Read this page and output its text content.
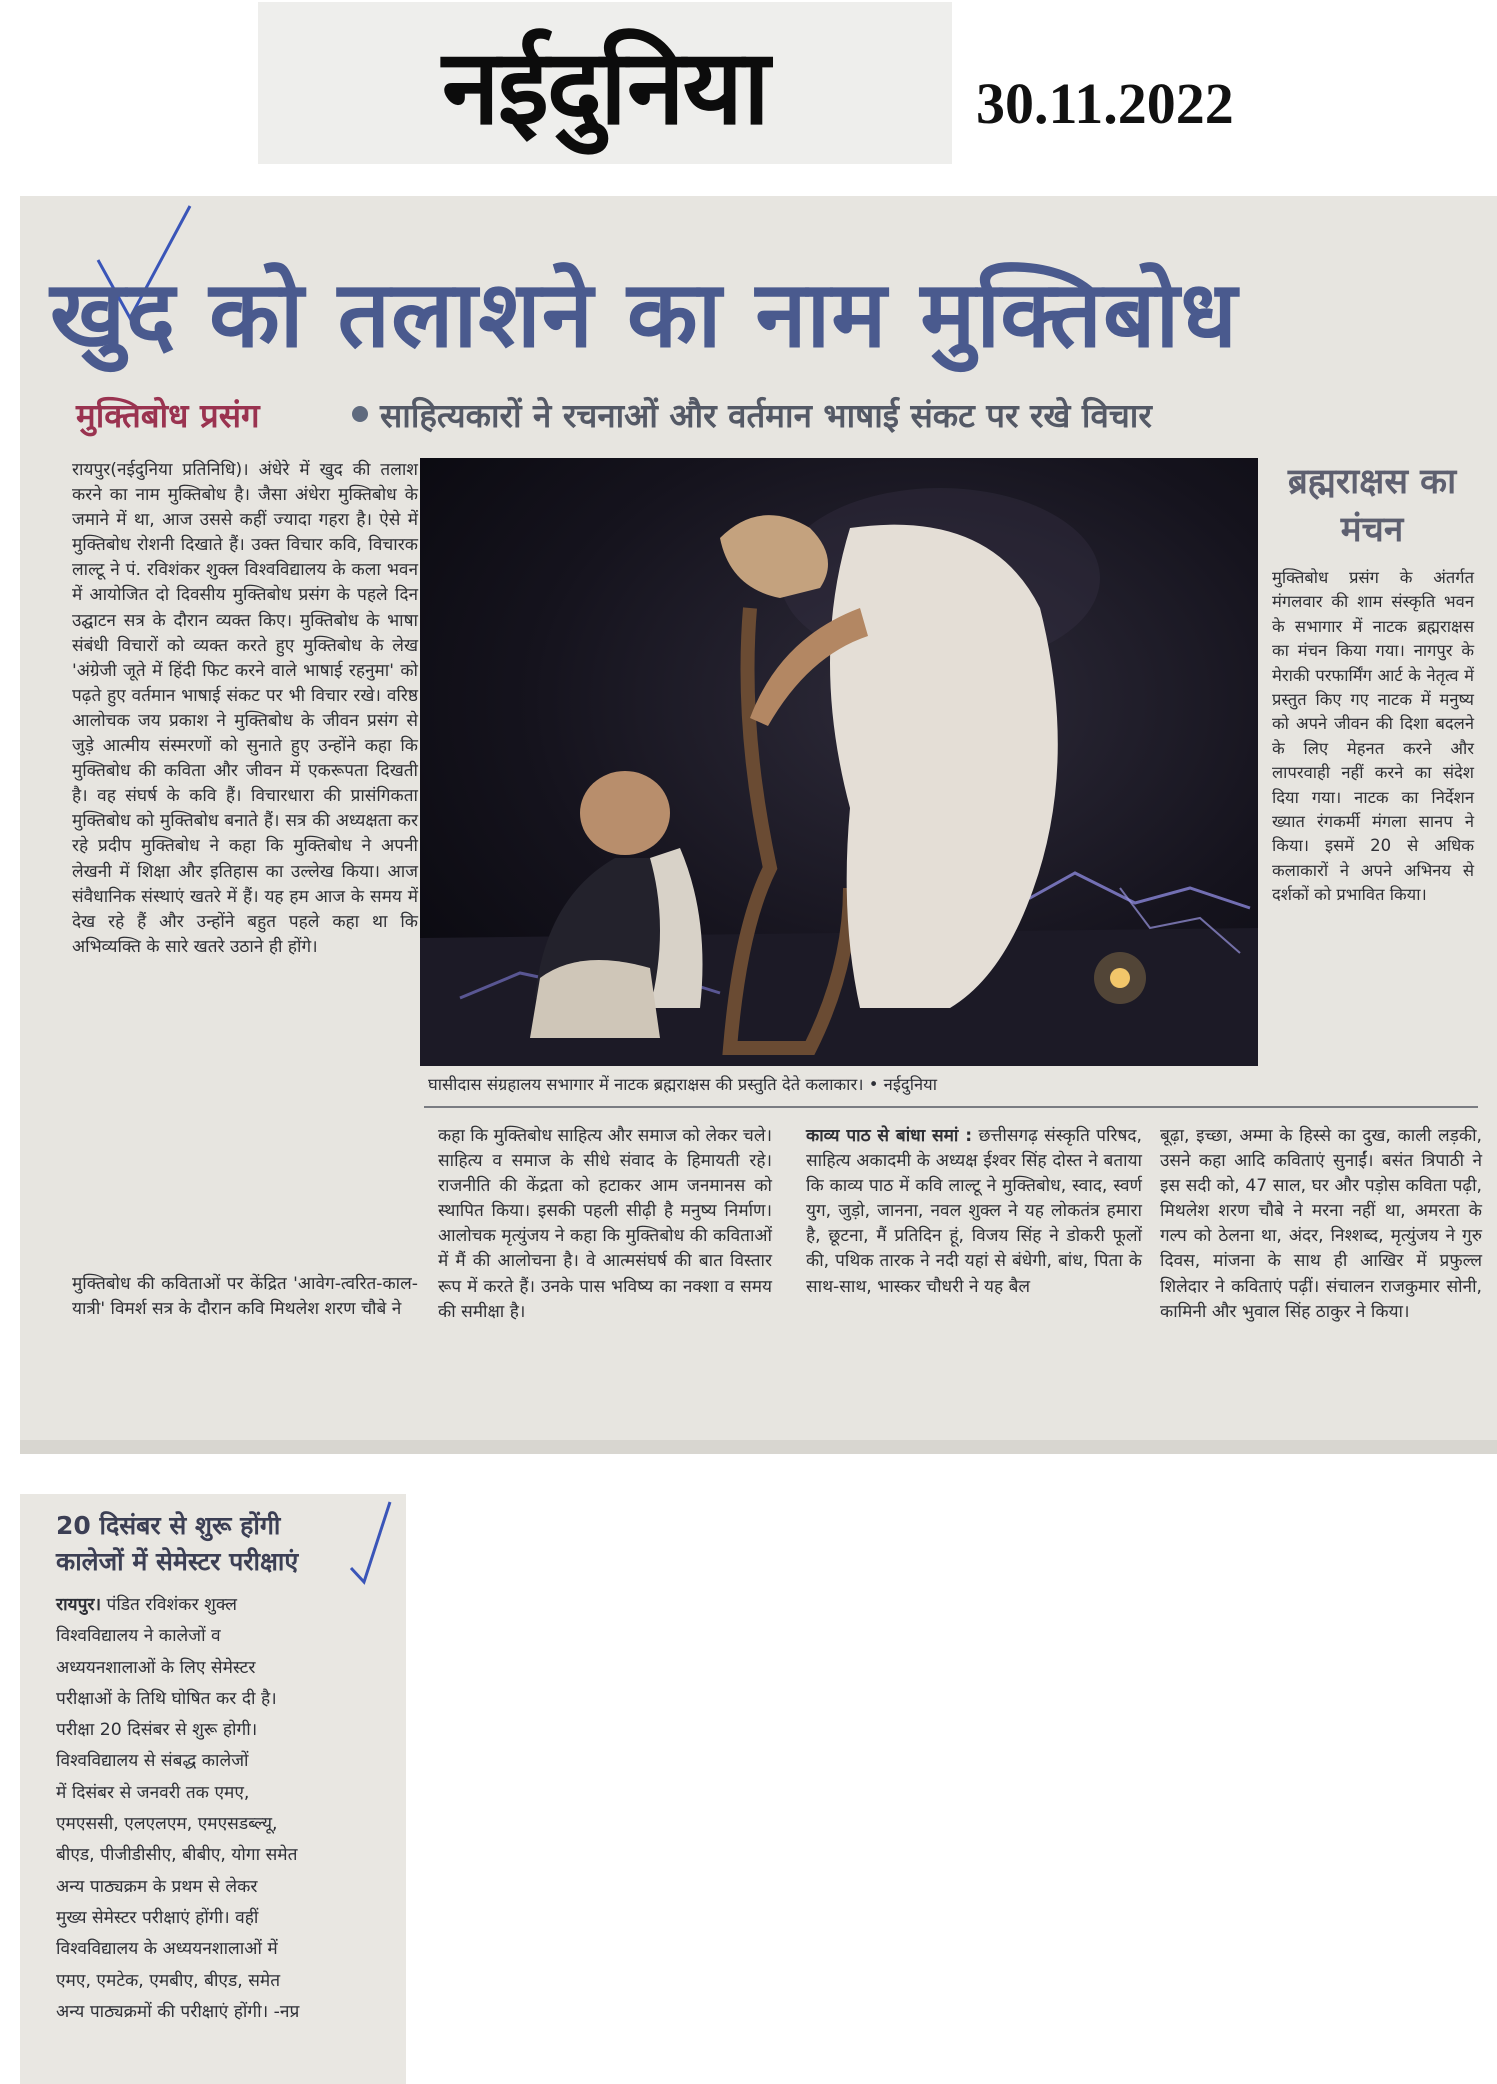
नईदुनिया	30.11.2022
खुद को तलाशने का नाम मुक्तिबोध
मुक्तिबोध प्रसंग	साहित्यकारों ने रचनाओं और वर्तमान भाषाई संकट पर रखे विचार

रायपुर(नईदुनिया प्रतिनिधि)। अंधेरे में खुद की तलाश करने का नाम मुक्तिबोध है। जैसा अंधेरा मुक्तिबोध के जमाने में था, आज उससे कहीं ज्यादा गहरा है। ऐसे में मुक्तिबोध रोशनी दिखाते हैं। उक्त विचार कवि, विचारक लाल्टू ने पं. रविशंकर शुक्ल विश्वविद्यालय के कला भवन में आयोजित दो दिवसीय मुक्तिबोध प्रसंग के पहले दिन उद्घाटन सत्र के दौरान व्यक्त किए। मुक्तिबोध के भाषा संबंधी विचारों को व्यक्त करते हुए मुक्तिबोध के लेख 'अंग्रेजी जूते में हिंदी फिट करने वाले भाषाई रहनुमा' को पढ़ते हुए वर्तमान भाषाई संकट पर भी विचार रखे। वरिष्ठ आलोचक जय प्रकाश ने मुक्तिबोध के जीवन प्रसंग से जुड़े आत्मीय संस्मरणों को सुनाते हुए उन्होंने कहा कि मुक्तिबोध की कविता और जीवन में एकरूपता दिखती है। वह संघर्ष के कवि हैं। विचारधारा की प्रासंगिकता मुक्तिबोध को मुक्तिबोध बनाते हैं। सत्र की अध्यक्षता कर रहे प्रदीप मुक्तिबोध ने कहा कि मुक्तिबोध ने अपनी लेखनी में शिक्षा और इतिहास का उल्लेख किया। आज संवैधानिक संस्थाएं खतरे में हैं। यह हम आज के समय में देख रहे हैं और उन्होंने बहुत पहले कहा था कि अभिव्यक्ति के सारे खतरे उठाने ही होंगे।

मुक्तिबोध की कविताओं पर केंद्रित 'आवेग-त्वरित-काल-यात्री' विमर्श सत्र के दौरान कवि मिथलेश शरण चौबे ने

घासीदास संग्रहालय सभागार में नाटक ब्रह्मराक्षस की प्रस्तुति देते कलाकार। • नईदुनिया
ब्रह्मराक्षस का मंचन

मुक्तिबोध प्रसंग के अंतर्गत मंगलवार की शाम संस्कृति भवन के सभागार में नाटक ब्रह्मराक्षस का मंचन किया गया। नागपुर के मेराकी परफार्मिंग आर्ट के नेतृत्व में प्रस्तुत किए गए नाटक में मनुष्य को अपने जीवन की दिशा बदलने के लिए मेहनत करने और लापरवाही नहीं करने का संदेश दिया गया। नाटक का निर्देशन ख्यात रंगकर्मी मंगला सानप ने किया। इसमें 20 से अधिक कलाकारों ने अपने अभिनय से दर्शकों को प्रभावित किया।

कहा कि मुक्तिबोध साहित्य और समाज को लेकर चले। साहित्य व समाज के सीधे संवाद के हिमायती रहे। राजनीति की केंद्रता को हटाकर आम जनमानस को स्थापित किया। इसकी पहली सीढ़ी है मनुष्य निर्माण। आलोचक मृत्युंजय ने कहा कि मुक्तिबोध की कविताओं में मैं की आलोचना है। वे आत्मसंघर्ष की बात विस्तार रूप में करते हैं। उनके पास भविष्य का नक्शा व समय की समीक्षा है।

काव्य पाठ से बांधा समां : छत्तीसगढ़ संस्कृति परिषद, साहित्य अकादमी के अध्यक्ष ईश्वर सिंह दोस्त ने बताया कि काव्य पाठ में कवि लाल्टू ने मुक्तिबोध, स्वाद, स्वर्ण युग, जुड़ो, जानना, नवल शुक्ल ने यह लोकतंत्र हमारा है, छूटना, मैं प्रतिदिन हूं, विजय सिंह ने डोकरी फूलों की, पथिक तारक ने नदी यहां से बंधेगी, बांध, पिता के साथ-साथ, भास्कर चौधरी ने यह बैल

बूढ़ा, इच्छा, अम्मा के हिस्से का दुख, काली लड़की, उसने कहा आदि कविताएं सुनाईं। बसंत त्रिपाठी ने इस सदी को, 47 साल, घर और पड़ोस कविता पढ़ी, मिथलेश शरण चौबे ने मरना नहीं था, अमरता के गल्प को ठेलना था, अंदर, निश्शब्द, मृत्युंजय ने गुरु दिवस, मांजना के साथ ही आखिर में प्रफुल्ल शिलेदार ने कविताएं पढ़ीं। संचालन राजकुमार सोनी, कामिनी और भुवाल सिंह ठाकुर ने किया।

20 दिसंबर से शुरू होंगी
कालेजों में सेमेस्टर परीक्षाएं

रायपुर। पंडित रविशंकर शुक्ल
विश्वविद्यालय ने कालेजों व
अध्ययनशालाओं के लिए सेमेस्टर
परीक्षाओं के तिथि घोषित कर दी है।
परीक्षा 20 दिसंबर से शुरू होगी।
विश्वविद्यालय से संबद्ध कालेजों
में दिसंबर से जनवरी तक एमए,
एमएससी, एलएलएम, एमएसडब्ल्यू,
बीएड, पीजीडीसीए, बीबीए, योगा समेत
अन्य पाठ्यक्रम के प्रथम से लेकर
मुख्य सेमेस्टर परीक्षाएं होंगी। वहीं
विश्वविद्यालय के अध्ययनशालाओं में
एमए, एमटेक, एमबीए, बीएड, समेत
अन्य पाठ्यक्रमों की परीक्षाएं होंगी। -नप्र
